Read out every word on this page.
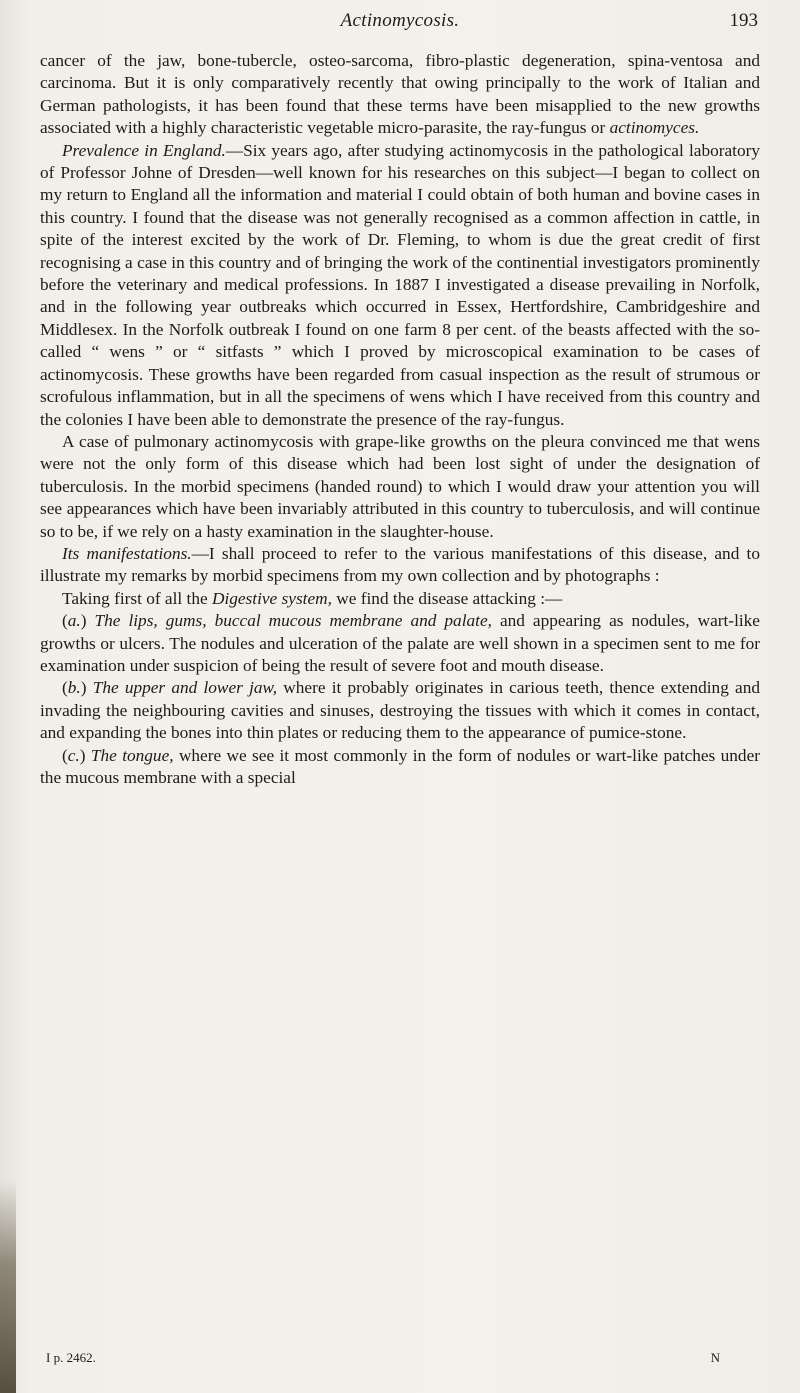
Actinomycosis.	193

cancer of the jaw, bone-tubercle, osteo-sarcoma, fibro-plastic degeneration, spina-ventosa and carcinoma. But it is only comparatively recently that owing principally to the work of Italian and German pathologists, it has been found that these terms have been misapplied to the new growths associated with a highly characteristic vegetable micro-parasite, the ray-fungus or actinomyces.

Prevalence in England.—Six years ago, after studying actinomycosis in the pathological laboratory of Professor Johne of Dresden—well known for his researches on this subject—I began to collect on my return to England all the information and material I could obtain of both human and bovine cases in this country. I found that the disease was not generally recognised as a common affection in cattle, in spite of the interest excited by the work of Dr. Fleming, to whom is due the great credit of first recognising a case in this country and of bringing the work of the continential investigators prominently before the veterinary and medical professions. In 1887 I investigated a disease prevailing in Norfolk, and in the following year outbreaks which occurred in Essex, Hertfordshire, Cambridgeshire and Middlesex. In the Norfolk outbreak I found on one farm 8 per cent. of the beasts affected with the so-called “ wens ” or “ sitfasts ” which I proved by microscopical examination to be cases of actinomycosis. These growths have been regarded from casual inspection as the result of strumous or scrofulous inflammation, but in all the specimens of wens which I have received from this country and the colonies I have been able to demonstrate the presence of the ray-fungus.

A case of pulmonary actinomycosis with grape-like growths on the pleura convinced me that wens were not the only form of this disease which had been lost sight of under the designation of tuberculosis. In the morbid specimens (handed round) to which I would draw your attention you will see appearances which have been invariably attributed in this country to tuberculosis, and will continue so to be, if we rely on a hasty examination in the slaughter-house.

Its manifestations.—I shall proceed to refer to the various manifestations of this disease, and to illustrate my remarks by morbid specimens from my own collection and by photographs :

Taking first of all the Digestive system, we find the disease attacking :—

(a.) The lips, gums, buccal mucous membrane and palate, and appearing as nodules, wart-like growths or ulcers. The nodules and ulceration of the palate are well shown in a specimen sent to me for examination under suspicion of being the result of severe foot and mouth disease.

(b.) The upper and lower jaw, where it probably originates in carious teeth, thence extending and invading the neighbouring cavities and sinuses, destroying the tissues with which it comes in contact, and expanding the bones into thin plates or reducing them to the appearance of pumice-stone.

(c.) The tongue, where we see it most commonly in the form of nodules or wart-like patches under the mucous membrane with a special

I p. 2462.	N
